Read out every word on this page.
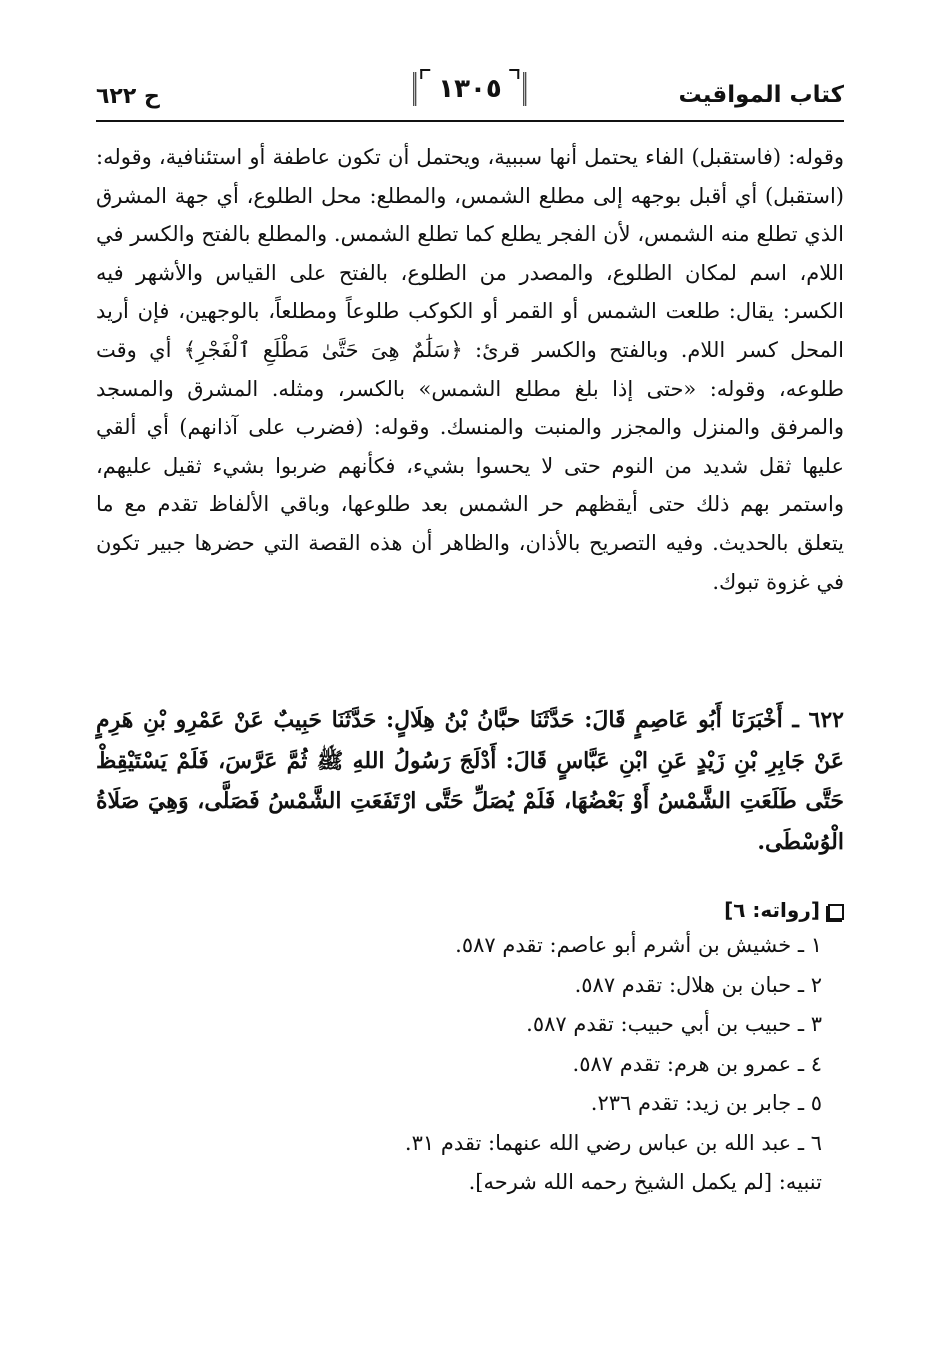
كتاب المواقيت
١٣٠٥
ح ٦٢٢

وقوله: (فاستقبل) الفاء يحتمل أنها سببية، ويحتمل أن تكون عاطفة أو استئنافية، وقوله: (استقبل) أي أقبل بوجهه إلى مطلع الشمس، والمطلع: محل الطلوع، أي جهة المشرق الذي تطلع منه الشمس، لأن الفجر يطلع كما تطلع الشمس. والمطلع بالفتح والكسر في اللام، اسم لمكان الطلوع، والمصدر من الطلوع، بالفتح على القياس والأشهر فيه الكسر: يقال: طلعت الشمس أو القمر أو الكوكب طلوعاً ومطلعاً، بالوجهين، فإن أريد المحل كسر اللام. وبالفتح والكسر قرئ: ﴿سَلَٰمٌ هِىَ حَتَّىٰ مَطْلَعِ ٱلْفَجْرِ﴾ أي وقت طلوعه، وقوله: «حتى إذا بلغ مطلع الشمس» بالكسر، ومثله. المشرق والمسجد والمرفق والمنزل والمجزر والمنبت والمنسك. وقوله: (فضرب على آذانهم) أي ألقي عليها ثقل شديد من النوم حتى لا يحسوا بشيء، فكأنهم ضربوا بشيء ثقيل عليهم، واستمر بهم ذلك حتى أيقظهم حر الشمس بعد طلوعها، وباقي الألفاظ تقدم مع ما يتعلق بالحديث. وفيه التصريح بالأذان، والظاهر أن هذه القصة التي حضرها جبير تكون في غزوة تبوك.

٦٢٢ ـ أَخْبَرَنَا أَبُو عَاصِمٍ قَالَ: حَدَّثَنَا حبَّانُ بْنُ هِلَالٍ: حَدَّثَنَا حَبِيبٌ عَنْ عَمْرِو بْنِ هَرِمٍ عَنْ جَابِرِ بْنِ زَيْدٍ عَنِ ابْنِ عَبَّاسٍ قَالَ: أَدْلَجَ رَسُولُ اللهِ ﷺ ثُمَّ عَرَّسَ، فَلَمْ يَسْتَيْقِظْ حَتَّى طَلَعَتِ الشَّمْسُ أَوْ بَعْضُهَا، فَلَمْ يُصَلِّ حَتَّى ارْتَفَعَتِ الشَّمْسُ فَصَلَّى، وَهِيَ صَلَاةُ الْوُسْطَى.

[رواته: ٦]
١ ـ خشيش بن أشرم أبو عاصم: تقدم ٥٨٧.
٢ ـ حبان بن هلال: تقدم ٥٨٧.
٣ ـ حبيب بن أبي حبيب: تقدم ٥٨٧.
٤ ـ عمرو بن هرم: تقدم ٥٨٧.
٥ ـ جابر بن زيد: تقدم ٢٣٦.
٦ ـ عبد الله بن عباس رضي الله عنهما: تقدم ٣١.
تنبيه: [لم يكمل الشيخ رحمه الله شرحه].
